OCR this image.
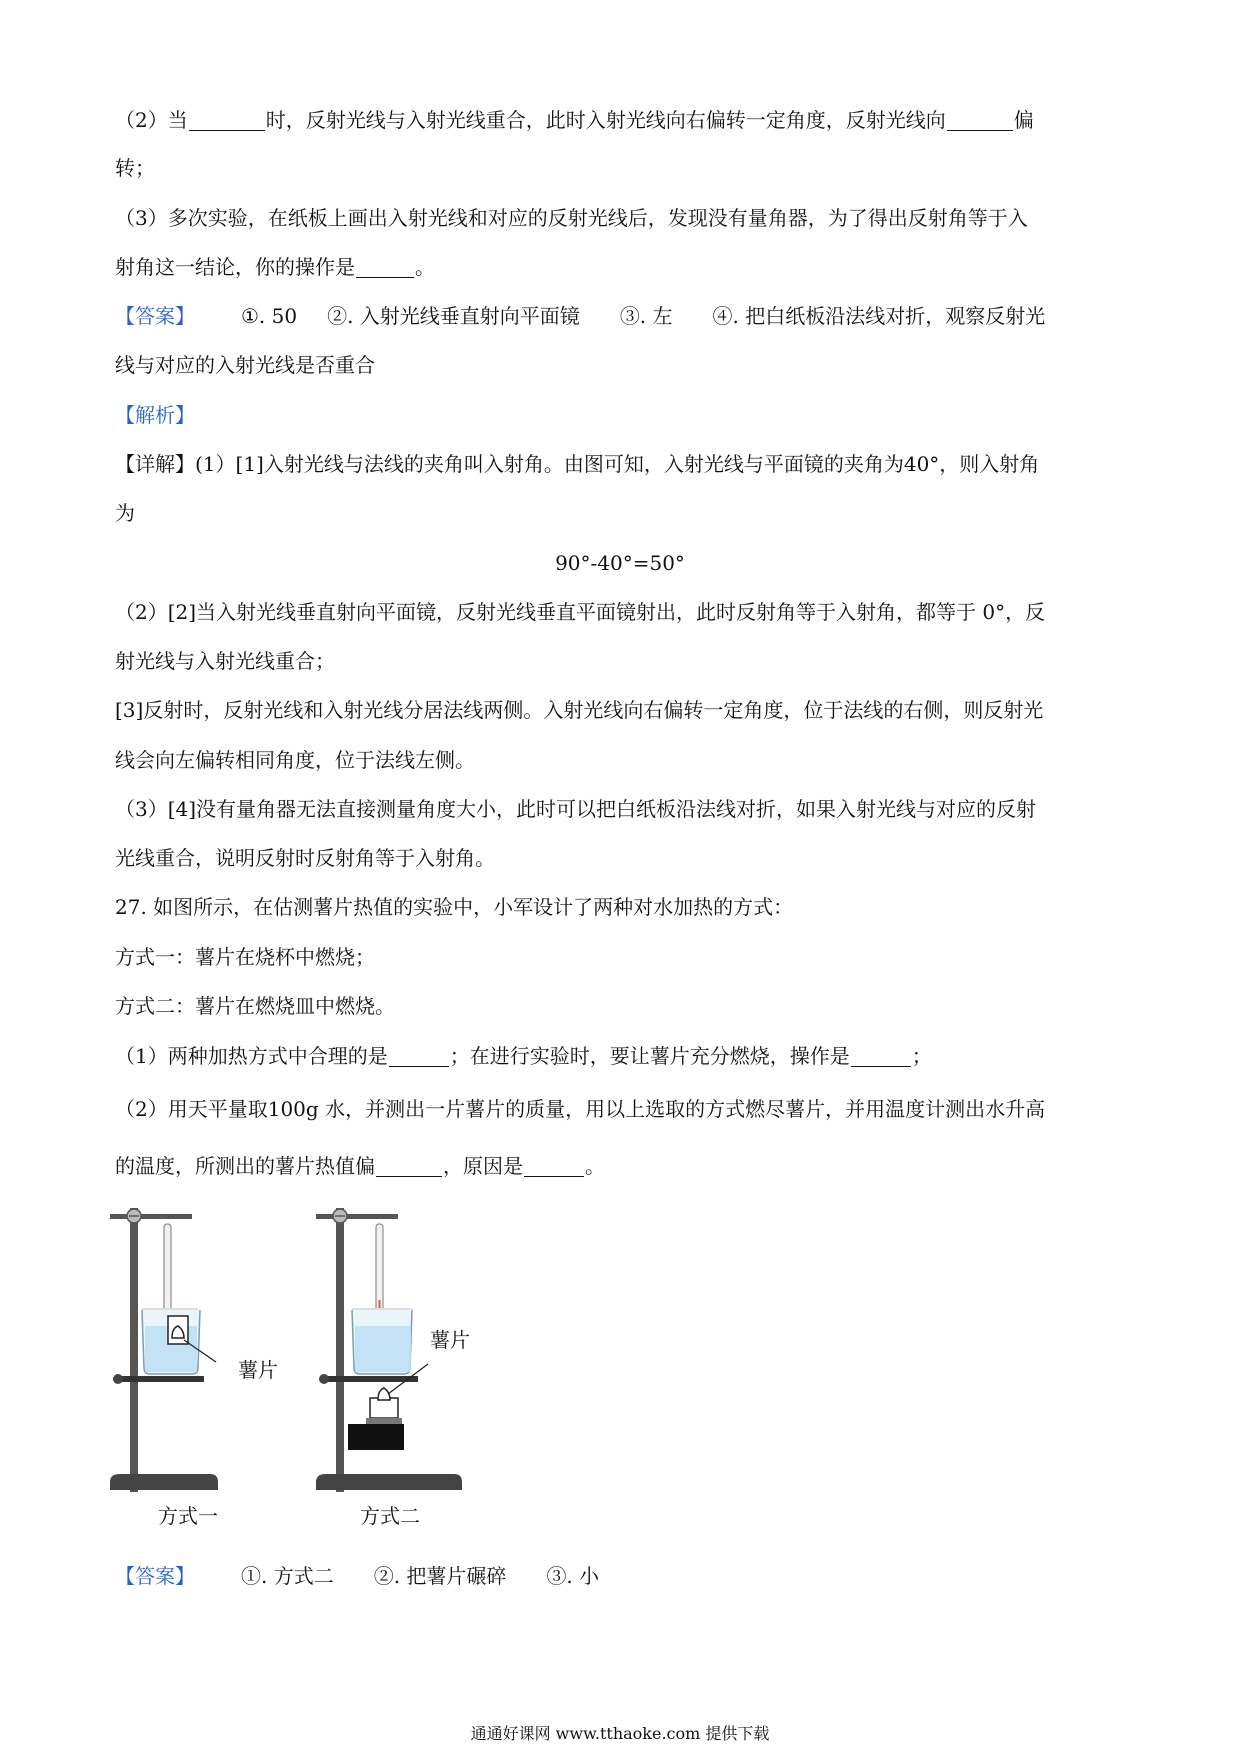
（2）当	时，反射光线与入射光线重合，此时入射光线向右偏转一定角度，反射光线向	偏
转；
（3）多次实验，在纸板上画出入射光线和对应的反射光线后，发现没有量角器，为了得出反射角等于入
射角这一结论，你的操作是	。
【答案】 ①. 50 ②. 入射光线垂直射向平面镜 ③. 左 ④. 把白纸板沿法线对折，观察反射光
线与对应的入射光线是否重合
【解析】
【详解】(1）[1]入射光线与法线的夹角叫入射角。由图可知，入射光线与平面镜的夹角为40°，则入射角
为
90°-40°=50°
（2）[2]当入射光线垂直射向平面镜，反射光线垂直平面镜射出，此时反射角等于入射角，都等于 0°，反
射光线与入射光线重合；
[3]反射时，反射光线和入射光线分居法线两侧。入射光线向右偏转一定角度，位于法线的右侧，则反射光
线会向左偏转相同角度，位于法线左侧。
（3）[4]没有量角器无法直接测量角度大小，此时可以把白纸板沿法线对折，如果入射光线与对应的反射
光线重合，说明反射时反射角等于入射角。
27. 如图所示，在估测薯片热值的实验中，小军设计了两种对水加热的方式：
方式一：薯片在烧杯中燃烧；
方式二：薯片在燃烧皿中燃烧。
（1）两种加热方式中合理的是	；在进行实验时，要让薯片充分燃烧，操作是	；
（2）用天平量取100g 水，并测出一片薯片的质量，用以上选取的方式燃尽薯片，并用温度计测出水升高
的温度，所测出的薯片热值偏	，原因是	。
薯片
薯片
方式一	方式二
【答案】 ①. 方式二 ②. 把薯片碾碎 ③. 小
通通好课网 www.tthaoke.com 提供下载
